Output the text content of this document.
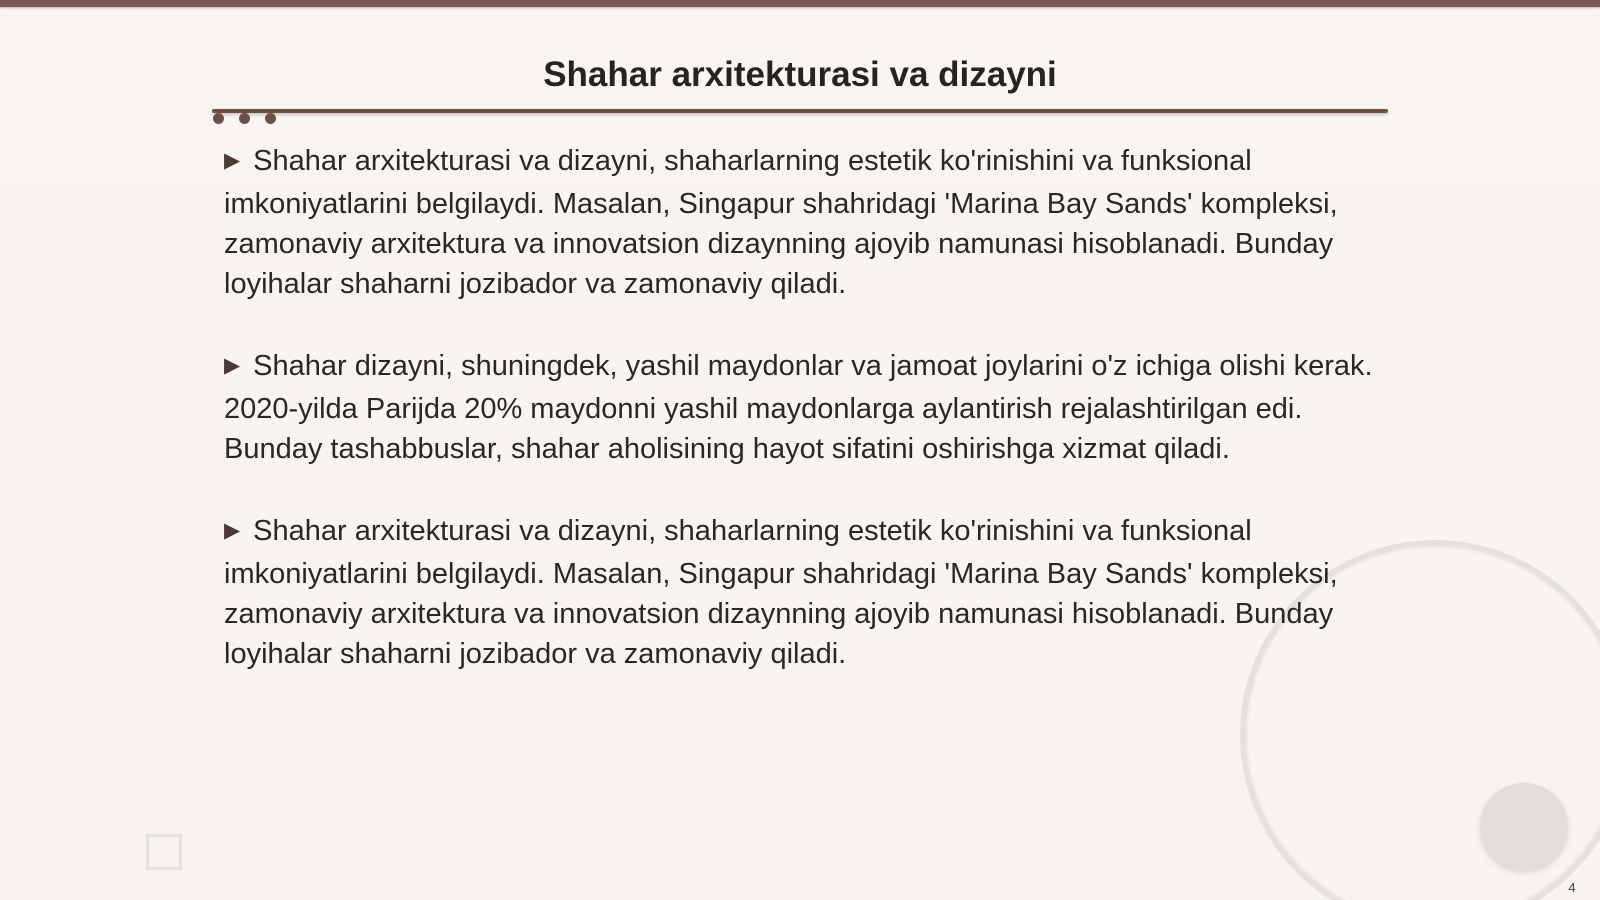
Shahar arxitekturasi va dizayni

▶ Shahar arxitekturasi va dizayni, shaharlarning estetik ko'rinishini va funksional imkoniyatlarini belgilaydi. Masalan, Singapur shahridagi 'Marina Bay Sands' kompleksi, zamonaviy arxitektura va innovatsion dizaynning ajoyib namunasi hisoblanadi. Bunday loyihalar shaharni jozibador va zamonaviy qiladi.

▶ Shahar dizayni, shuningdek, yashil maydonlar va jamoat joylarini o'z ichiga olishi kerak. 2020-yilda Parijda 20% maydonni yashil maydonlarga aylantirish rejalashtirilgan edi. Bunday tashabbuslar, shahar aholisining hayot sifatini oshirishga xizmat qiladi.

▶ Shahar arxitekturasi va dizayni, shaharlarning estetik ko'rinishini va funksional imkoniyatlarini belgilaydi. Masalan, Singapur shahridagi 'Marina Bay Sands' kompleksi, zamonaviy arxitektura va innovatsion dizaynning ajoyib namunasi hisoblanadi. Bunday loyihalar shaharni jozibador va zamonaviy qiladi.

4
